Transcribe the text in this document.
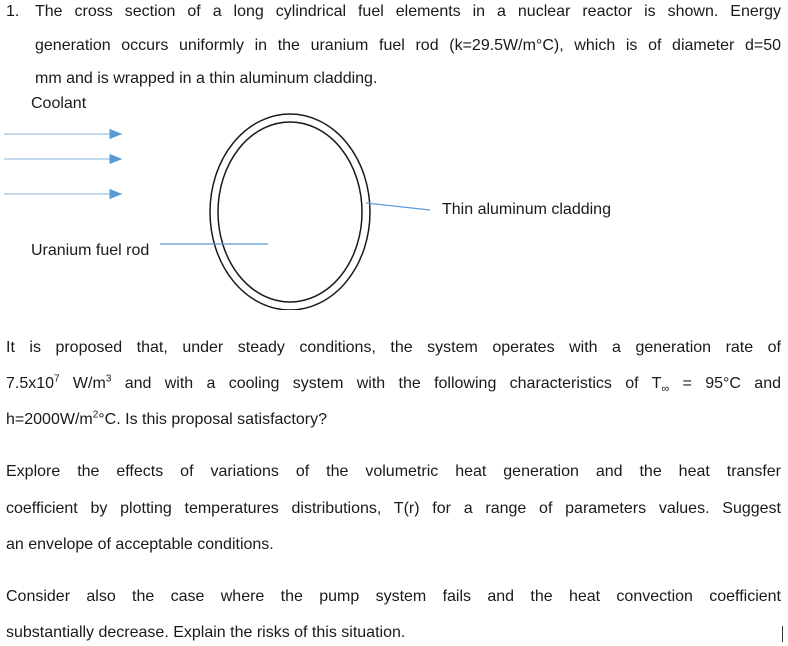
1. The cross section of a long cylindrical fuel elements in a nuclear reactor is shown. Energy
generation occurs uniformly in the uranium fuel rod (k=29.5W/m°C), which is of diameter d=50
mm and is wrapped in a thin aluminum cladding.
Coolant
Thin aluminum cladding
Uranium fuel rod
It is proposed that, under steady conditions, the system operates with a generation rate of
$7.5x10^7$ $W/m^3$ and with a cooling system with the following characteristics of $T_\infty = 95^\circ C$ and
$h=2000W/m^2^\circ C$. Is this proposal satisfactory?
Explore the effects of variations of the volumetric heat generation and the heat transfer
coefficient by plotting temperatures distributions, T(r) for a range of parameters values. Suggest
an envelope of acceptable conditions.
Consider also the case where the pump system fails and the heat convection coefficient
substantially decrease. Explain the risks of this situation.
